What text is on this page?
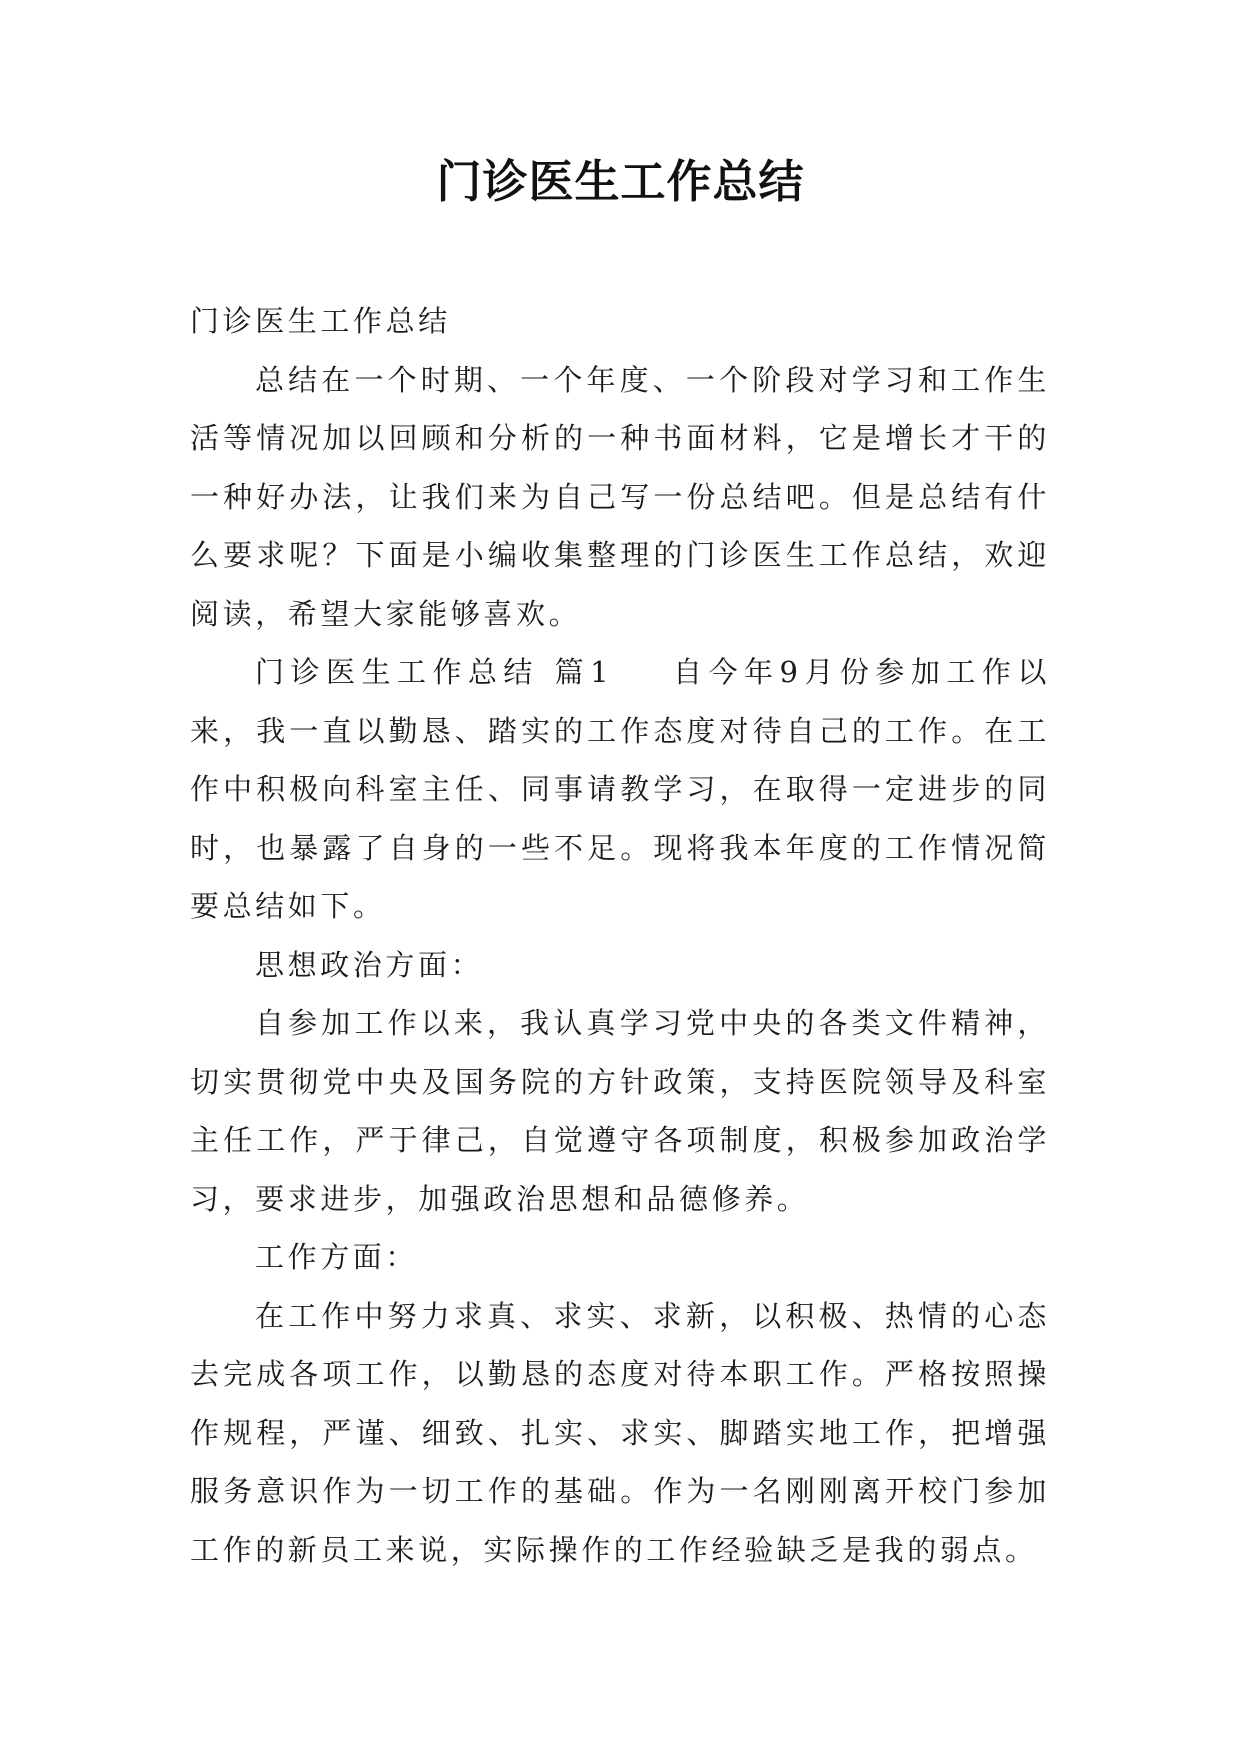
门诊医生工作总结

门诊医生工作总结

总结在一个时期、一个年度、一个阶段对学习和工作生活等情况加以回顾和分析的一种书面材料，它是增长才干的一种好办法，让我们来为自己写一份总结吧。但是总结有什么要求呢？下面是小编收集整理的门诊医生工作总结，欢迎阅读，希望大家能够喜欢。

门诊医生工作总结 篇1 自今年9月份参加工作以来，我一直以勤恳、踏实的工作态度对待自己的工作。在工作中积极向科室主任、同事请教学习，在取得一定进步的同时，也暴露了自身的一些不足。现将我本年度的工作情况简要总结如下。

思想政治方面：

自参加工作以来，我认真学习党中央的各类文件精神，切实贯彻党中央及国务院的方针政策，支持医院领导及科室主任工作，严于律己，自觉遵守各项制度，积极参加政治学习，要求进步，加强政治思想和品德修养。

工作方面：

在工作中努力求真、求实、求新，以积极、热情的心态去完成各项工作，以勤恳的态度对待本职工作。严格按照操作规程，严谨、细致、扎实、求实、脚踏实地工作，把增强服务意识作为一切工作的基础。作为一名刚刚离开校门参加工作的新员工来说，实际操作的工作经验缺乏是我的弱点。
